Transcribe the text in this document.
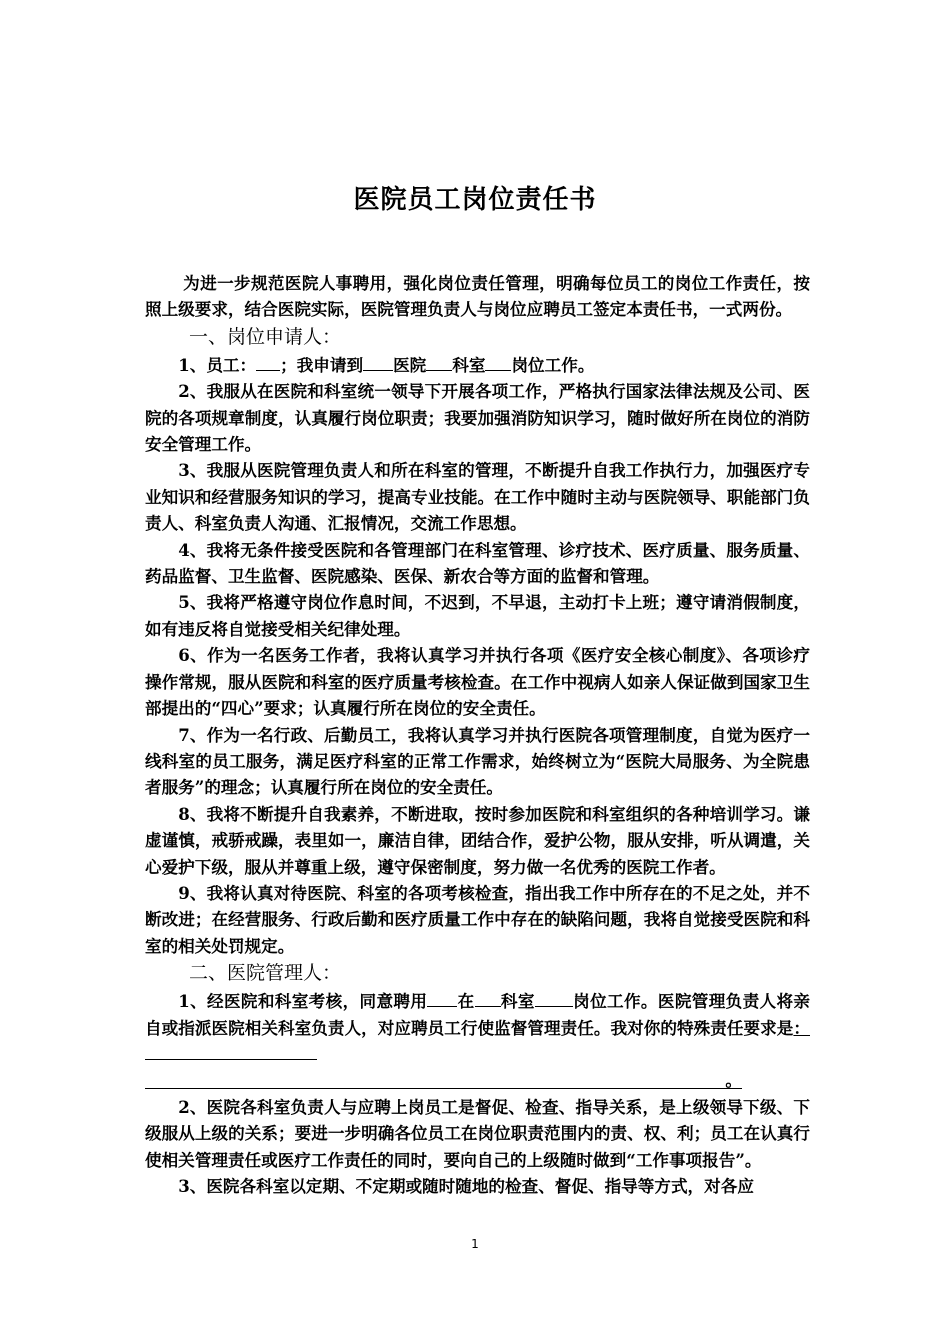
医院员工岗位责任书

为进一步规范医院人事聘用，强化岗位责任管理，明确每位员工的岗位工作责任，按照上级要求，结合医院实际，医院管理负责人与岗位应聘员工签定本责任书，一式两份。

一、岗位申请人：

1、员工： ；我申请到 医院 科室 岗位工作。

2、我服从在医院和科室统一领导下开展各项工作，严格执行国家法律法规及公司、医院的各项规章制度，认真履行岗位职责；我要加强消防知识学习，随时做好所在岗位的消防安全管理工作。

3、我服从医院管理负责人和所在科室的管理，不断提升自我工作执行力，加强医疗专业知识和经营服务知识的学习，提高专业技能。在工作中随时主动与医院领导、职能部门负责人、科室负责人沟通、汇报情况，交流工作思想。

4、我将无条件接受医院和各管理部门在科室管理、诊疗技术、医疗质量、服务质量、药品监督、卫生监督、医院感染、医保、新农合等方面的监督和管理。

5、我将严格遵守岗位作息时间，不迟到，不早退，主动打卡上班；遵守请消假制度，如有违反将自觉接受相关纪律处理。

6、作为一名医务工作者，我将认真学习并执行各项《医疗安全核心制度》、各项诊疗操作常规，服从医院和科室的医疗质量考核检查。在工作中视病人如亲人保证做到国家卫生部提出的“四心”要求；认真履行所在岗位的安全责任。

7、作为一名行政、后勤员工，我将认真学习并执行医院各项管理制度，自觉为医疗一线科室的员工服务，满足医疗科室的正常工作需求，始终树立为“医院大局服务、为全院患者服务”的理念；认真履行所在岗位的安全责任。

8、我将不断提升自我素养，不断进取，按时参加医院和科室组织的各种培训学习。谦虚谨慎，戒骄戒躁，表里如一，廉洁自律，团结合作，爱护公物，服从安排，听从调遣，关心爱护下级，服从并尊重上级，遵守保密制度，努力做一名优秀的医院工作者。

9、我将认真对待医院、科室的各项考核检查，指出我工作中所存在的不足之处，并不断改进；在经营服务、行政后勤和医疗质量工作中存在的缺陷问题，我将自觉接受医院和科室的相关处罚规定。

二、医院管理人：

1、经医院和科室考核，同意聘用 在 科室 岗位工作。医院管理负责人将亲自或指派医院相关科室负责人，对应聘员工行使监督管理责任。我对你的特殊责任要求是：

。

2、医院各科室负责人与应聘上岗员工是督促、检查、指导关系，是上级领导下级、下级服从上级的关系；要进一步明确各位员工在岗位职责范围内的责、权、利；员工在认真行使相关管理责任或医疗工作责任的同时，要向自己的上级随时做到“工作事项报告”。

3、医院各科室以定期、不定期或随时随地的检查、督促、指导等方式，对各应

1
